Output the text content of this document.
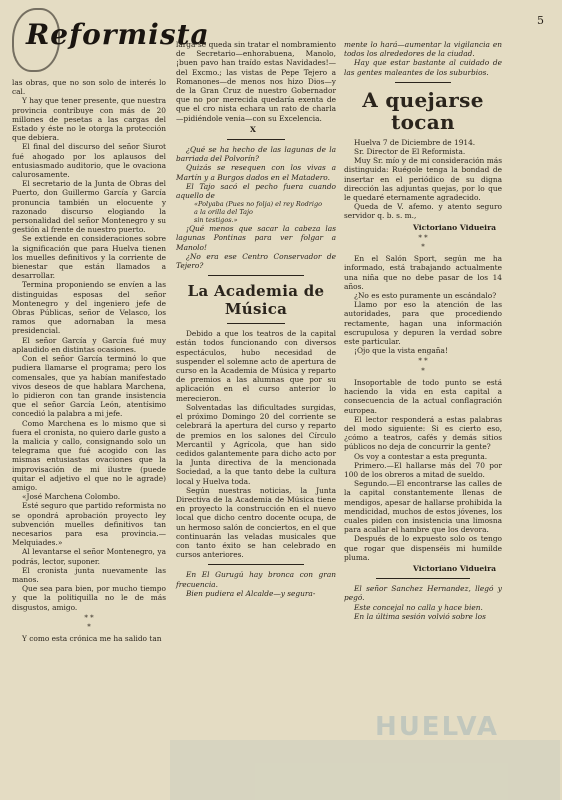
Reformista	5

las obras, que no son solo de interés lo cal.

Y hay que tener presente, que nuestra provincia contribuye con más de 20 millones de pesetas a las cargas del Estado y éste no le otorga la protección que debiera.

El final del discurso del señor Siurot fué ahogado por los aplausos del entusiasmado auditorio, que le ovaciona calurosamente.

El secretario de la Junta de Obras del Puerto, don Guillermo García y García pronuncia también un elocuente y razonado discurso elogiando la personalidad del señor Montenegro y su gestión al frente de nuestro puerto.

Se extiende en consideraciones sobre la significación que para Huelva tienen los muelles definitivos y la corriente de bienestar que están llamados a desarrollar.

Termina proponiendo se envíen a las distinguidas esposas del señor Montenegro y del ingeniero jefe de Obras Públicas, señor de Velasco, los ramos que adornaban la mesa presidencial.

El señor García y García fué muy aplaudido en distintas ocasiones.

Con el señor García terminó lo que pudiera llamarse el programa; pero los comensales, que ya habían manifestado vivos deseos de que hablara Marchena, lo pidieron con tan grande insistencia que el señor García León, atentísimo concedió la palabra a mi jefe.

Como Marchena es lo mismo que si fuera el cronista, no quiero darle gusto a la malicia y callo, consignando solo un telegrama que fué acogido con las mismas entusiastas ovaciones que la improvisación de mi ilustre (puede quitar el adjetivo el que no le agrade) amigo.

«José Marchena Colombo.

Esté seguro que partido reformista no se opondrá aprobación proyecto ley subvención muelles definitivos tan necesarios para esa provincia.— Melquiades.»

Al levantarse el señor Montenegro, ya podrás, lector, suponer.

El cronista junta nuevamente las manos.

Que sea para bien, por mucho tiempo y que la politiquilla no le de más disgustos, amigo.

* *
*

Y como esta crónica me ha salido tan

larga se queda sin tratar el nombramiento de Secretario—enhorabuena, Manolo, ¡buen pavo han traído estas Navidades!—del Excmo.; las vistas de Pepe Tejero a Romanones—de menos nos hizo Dios—y de la Gran Cruz de nuestro Gobernador que no por merecida quedaría exenta de que el cro nista echara un rato de charla—pidiéndole venia—con su Excelencia.

X

¿Qué se ha hecho de las lagunas de la barriada del Polvorín?

Quizás se resequen con los vivas a Martín y a Burgos dados en el Matadero.

El Tajo sacó el pecho fuera cuando aquello de

«Polyaba (Pues no folja) el rey Rodrigo
a la orilla del Tajo
sin testigos.»

¡Qué menos que sacar la cabeza las lagunas Pontinas para ver folgar a Manolo!

¿No era ese Centro Conservador de Tejero?

La Academia de Música

Debido a que los teatros de la capital están todos funcionando con diversos espectáculos, hubo necesidad de suspender el solemne acto de apertura de curso en la Academia de Música y reparto de premios a las alumnas que por su aplicación en el curso anterior lo merecieron.

Solventadas las dificultades surgidas, el próximo Domingo 20 del corriente se celebrará la apertura del curso y reparto de premios en los salones del Círculo Mercantil y Agrícola, que han sido cedidos galantemente para dicho acto por la Junta directiva de la mencionada Sociedad, a la que tanto debe la cultura local y Huelva toda.

Según nuestras noticias, la Junta Directiva de la Academia de Música tiene en proyecto la construcción en el nuevo local que dicho centro docente ocupa, de un hermoso salón de conciertos, en el que continuarán las veladas musicales que con tanto éxito se han celebrado en cursos anteriores.

En El Gurugú hay bronca con gran frecuencia.

Bien pudiera el Alcalde—y segura-

mente lo hará—aumentar la vigilancia en todos los alrededores de la ciudad.

Hay que estar bastante al cuidado de las gentes maleantes de los suburbios.

A quejarse tocan

Huelva 7 de Diciembre de 1914.

Sr. Director de El Reformista.

Muy Sr. mío y de mi consideración más distinguida: Ruégole tenga la bondad de insertar en el periódico de su digna dirección las adjuntas quejas, por lo que le quedaré eternamente agradecido.

Queda de V. afemo. y atento seguro servidor q. b. s. m.,

Victoriano Vidueira
* *
*

En el Salón Sport, según me ha informado, está trabajando actualmente una niña que no debe pasar de los 14 años.

¿No es esto puramente un escándalo?

Llamo por eso la atención de las autoridades, para que procediendo rectamente, hagan una información escrupulosa y depuren la verdad sobre este particular.

¡Ojo que la vista engaña!

* *
*

Insoportable de todo punto se está haciendo la vida en esta capital a consecuencia de la actual conflagración europea.

El lector responderá a estas palabras del modo siguiente: Si es cierto eso, ¿cómo a teatros, cafés y demás sitios públicos no deja de concurrir la gente?

Os voy a contestar a esta pregunta.

Primero.—El hallarse más del 70 por 100 de los obreros a mitad de sueldo.

Segundo.—El encontrarse las calles de la capital constantemente llenas de mendigos, apesar de hallarse prohibida la mendicidad, muchos de estos jóvenes, los cuales piden con insistencia una limosna para acallar el hambre que los devora.

Después de lo expuesto solo os tengo que rogar que dispenséis mi humilde pluma.

Victoriano Vidueira

El señor Sanchez Hernandez, llegó y pegó.

Este concejal no calla y hace bien.

En la última sesión volvió sobre los

HUELVA
